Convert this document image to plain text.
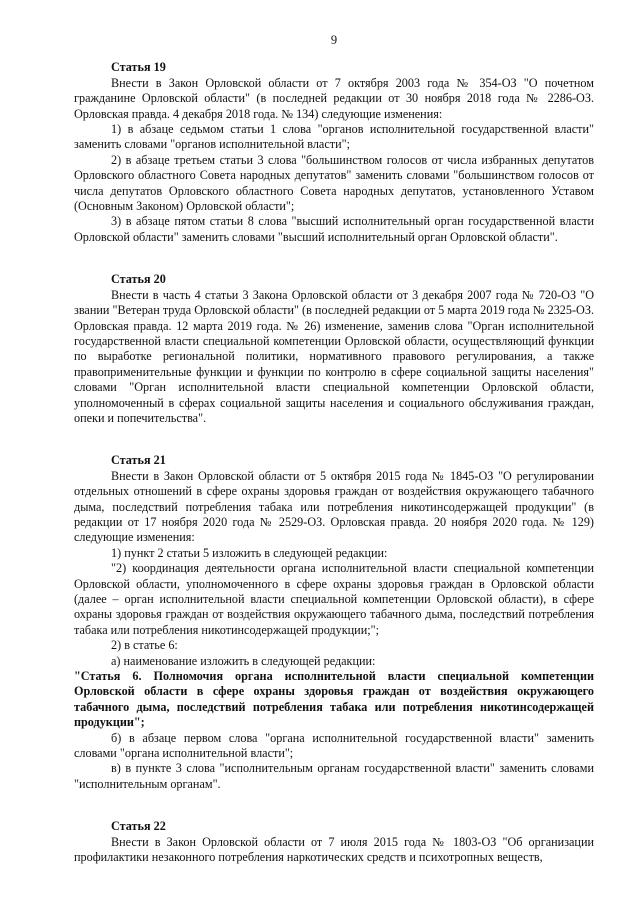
9

Статья 19

Внести в Закон Орловской области от 7 октября 2003 года № 354-ОЗ "О почетном гражданине Орловской области" (в последней редакции от 30 ноября 2018 года № 2286-ОЗ. Орловская правда. 4 декабря 2018 года. № 134) следующие изменения:

1) в абзаце седьмом статьи 1 слова "органов исполнительной государственной власти" заменить словами "органов исполнительной власти";

2) в абзаце третьем статьи 3 слова "большинством голосов от числа избранных депутатов Орловского областного Совета народных депутатов" заменить словами "большинством голосов от числа депутатов Орловского областного Совета народных депутатов, установленного Уставом (Основным Законом) Орловской области";

3) в абзаце пятом статьи 8 слова "высший исполнительный орган государственной власти Орловской области" заменить словами "высший исполнительный орган Орловской области".

Статья 20

Внести в часть 4 статьи 3 Закона Орловской области от 3 декабря 2007 года № 720-ОЗ "О звании "Ветеран труда Орловской области" (в последней редакции от 5 марта 2019 года № 2325-ОЗ. Орловская правда. 12 марта 2019 года. № 26) изменение, заменив слова "Орган исполнительной государственной власти специальной компетенции Орловской области, осуществляющий функции по выработке региональной политики, нормативного правового регулирования, а также правоприменительные функции и функции по контролю в сфере социальной защиты населения" словами "Орган исполнительной власти специальной компетенции Орловской области, уполномоченный в сферах социальной защиты населения и социального обслуживания граждан, опеки и попечительства".

Статья 21

Внести в Закон Орловской области от 5 октября 2015 года № 1845-ОЗ "О регулировании отдельных отношений в сфере охраны здоровья граждан от воздействия окружающего табачного дыма, последствий потребления табака или потребления никотинсодержащей продукции" (в редакции от 17 ноября 2020 года № 2529-ОЗ. Орловская правда. 20 ноября 2020 года. № 129) следующие изменения:

1) пункт 2 статьи 5 изложить в следующей редакции:

"2) координация деятельности органа исполнительной власти специальной компетенции Орловской области, уполномоченного в сфере охраны здоровья граждан в Орловской области (далее – орган исполнительной власти специальной компетенции Орловской области), в сфере охраны здоровья граждан от воздействия окружающего табачного дыма, последствий потребления табака или потребления никотинсодержащей продукции;";

2) в статье 6:

а) наименование изложить в следующей редакции:

"Статья 6. Полномочия органа исполнительной власти специальной компетенции Орловской области в сфере охраны здоровья граждан от воздействия окружающего табачного дыма, последствий потребления табака или потребления никотинсодержащей продукции";

б) в абзаце первом слова "органа исполнительной государственной власти" заменить словами "органа исполнительной власти";

в) в пункте 3 слова "исполнительным органам государственной власти" заменить словами "исполнительным органам".

Статья 22

Внести в Закон Орловской области от 7 июля 2015 года № 1803-ОЗ "Об организации профилактики незаконного потребления наркотических средств и психотропных веществ,
